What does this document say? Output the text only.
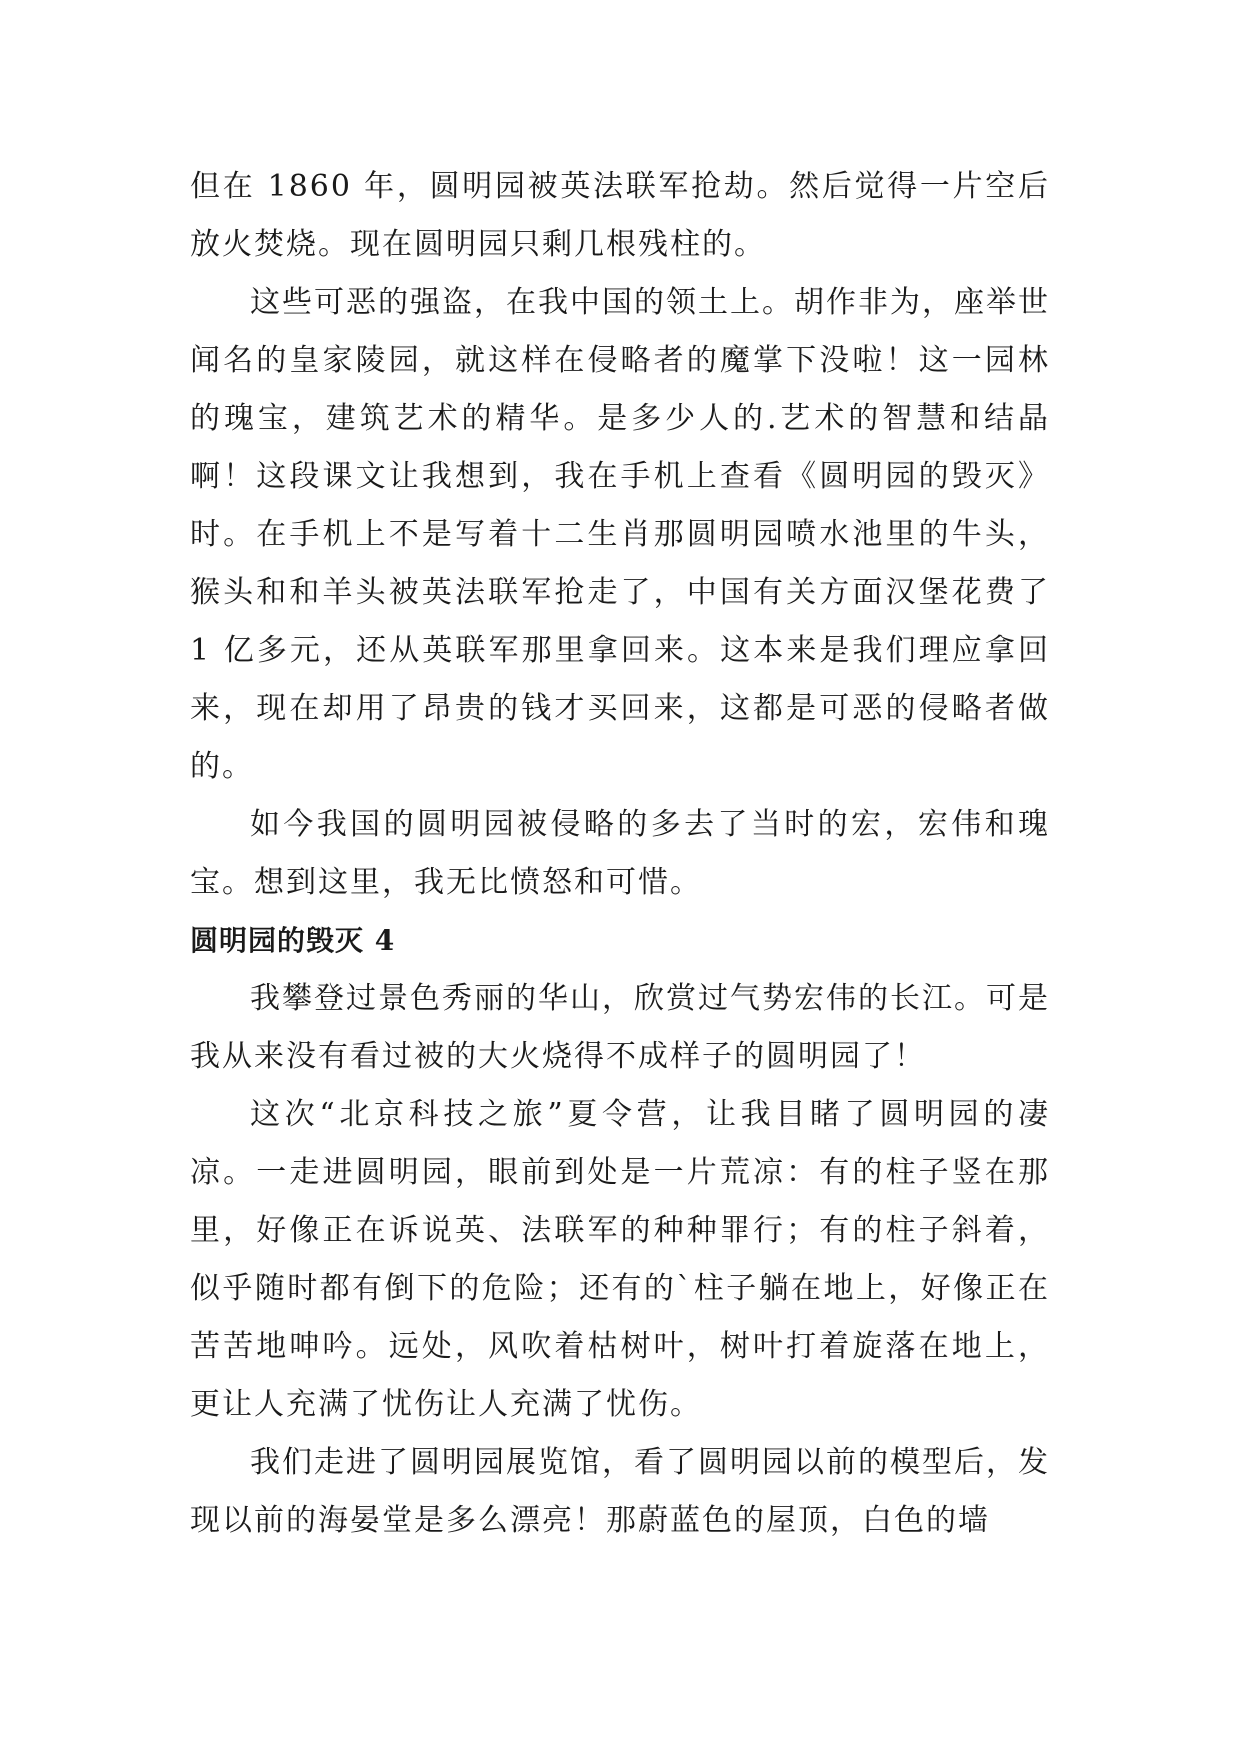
但在 1860 年，圆明园被英法联军抢劫。然后觉得一片空后放火焚烧。现在圆明园只剩几根残柱的。

这些可恶的强盗，在我中国的领土上。胡作非为，座举世闻名的皇家陵园，就这样在侵略者的魔掌下没啦！这一园林的瑰宝，建筑艺术的精华。是多少人的.艺术的智慧和结晶啊！这段课文让我想到，我在手机上查看《圆明园的毁灭》时。在手机上不是写着十二生肖那圆明园喷水池里的牛头，猴头和和羊头被英法联军抢走了，中国有关方面汉堡花费了 1 亿多元，还从英联军那里拿回来。这本来是我们理应拿回来，现在却用了昂贵的钱才买回来，这都是可恶的侵略者做的。

如今我国的圆明园被侵略的多去了当时的宏，宏伟和瑰宝。想到这里，我无比愤怒和可惜。

圆明园的毁灭 4

我攀登过景色秀丽的华山，欣赏过气势宏伟的长江。可是我从来没有看过被的大火烧得不成样子的圆明园了！

这次“北京科技之旅”夏令营，让我目睹了圆明园的凄凉。一走进圆明园，眼前到处是一片荒凉：有的柱子竖在那里，好像正在诉说英、法联军的种种罪行；有的柱子斜着，似乎随时都有倒下的危险；还有的`柱子躺在地上，好像正在苦苦地呻吟。远处，风吹着枯树叶，树叶打着旋落在地上，更让人充满了忧伤让人充满了忧伤。

我们走进了圆明园展览馆，看了圆明园以前的模型后，发现以前的海晏堂是多么漂亮！那蔚蓝色的屋顶，白色的墙
